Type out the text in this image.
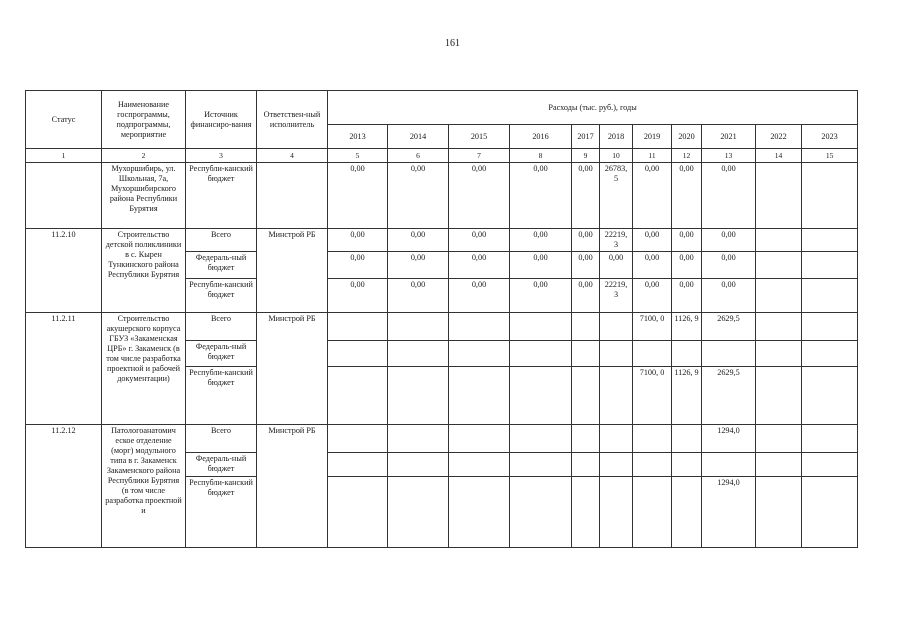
161
Статус	Наименование госпрограммы, подпрограммы, мероприятие	Источник финансиро-вания	Ответствен-ный исполнитель	Расходы (тыс. руб.), годы										
				2013	2014	2015	2016	2017	2018	2019	2020	2021	2022	2023
1	2	3	4	5	6	7	8	9	10	11	12	13	14	15
	Мухоршибирь, ул. Школьная, 7а, Мухоршибирского района Республики Бурятия	Республи-канский бюджет		0,00	0,00	0,00	0,00	0,00	26783, 5	0,00	0,00	0,00		
11.2.10	Строительство детской поликлиники в с. Кырен Тункинского района Республики Бурятия	Всего	Минстрой РБ	0,00	0,00	0,00	0,00	0,00	22219, 3	0,00	0,00	0,00		
		Федераль-ный бюджет		0,00	0,00	0,00	0,00	0,00	0,00	0,00	0,00	0,00		
		Республи-канский бюджет		0,00	0,00	0,00	0,00	0,00	22219, 3	0,00	0,00	0,00		
11.2.11	Строительство акушерского корпуса ГБУЗ «Закаменская ЦРБ» г. Закаменск (в том числе разработка проектной и рабочей документации)	Всего	Минстрой РБ							7100, 0	1126, 9	2629,5		
		Федераль-ный бюджет												
		Республи-канский бюджет								7100, 0	1126, 9	2629,5		
11.2.12	Патологоанатомич еское отделение (морг) модульного типа в г. Закаменск Закаменского района Республики Бурятия (в том числе разработка проектной и	Всего	Минстрой РБ									1294,0		
		Федераль-ный бюджет												
		Республи-канский бюджет										1294,0		
